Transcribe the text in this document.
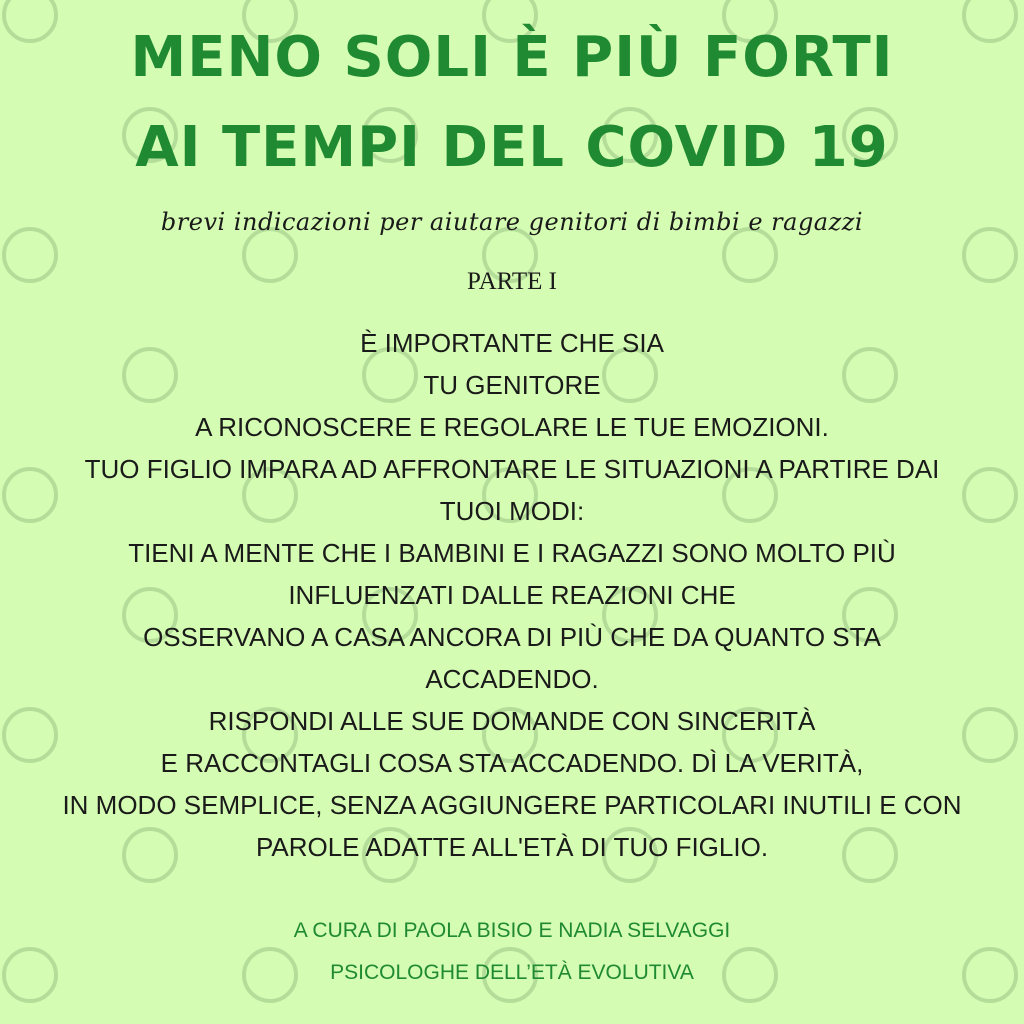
MENO SOLI È PIÙ FORTI
AI TEMPI DEL COVID 19
brevi indicazioni per aiutare genitori di bimbi e ragazzi
PARTE I
È IMPORTANTE CHE SIA
TU GENITORE
A RICONOSCERE E REGOLARE LE TUE EMOZIONI.
TUO FIGLIO IMPARA AD AFFRONTARE LE SITUAZIONI A PARTIRE DAI
TUOI MODI:
TIENI A MENTE CHE I BAMBINI E I RAGAZZI SONO MOLTO PIÙ
INFLUENZATI DALLE REAZIONI CHE
OSSERVANO A CASA ANCORA DI PIÙ CHE DA QUANTO STA
ACCADENDO.
RISPONDI ALLE SUE DOMANDE CON SINCERITÀ
E RACCONTAGLI COSA STA ACCADENDO. DÌ LA VERITÀ,
IN MODO SEMPLICE, SENZA AGGIUNGERE PARTICOLARI INUTILI E CON
PAROLE ADATTE ALL'ETÀ DI TUO FIGLIO.
A CURA DI PAOLA BISIO E NADIA SELVAGGI
PSICOLOGHE DELL’ETÀ EVOLUTIVA
